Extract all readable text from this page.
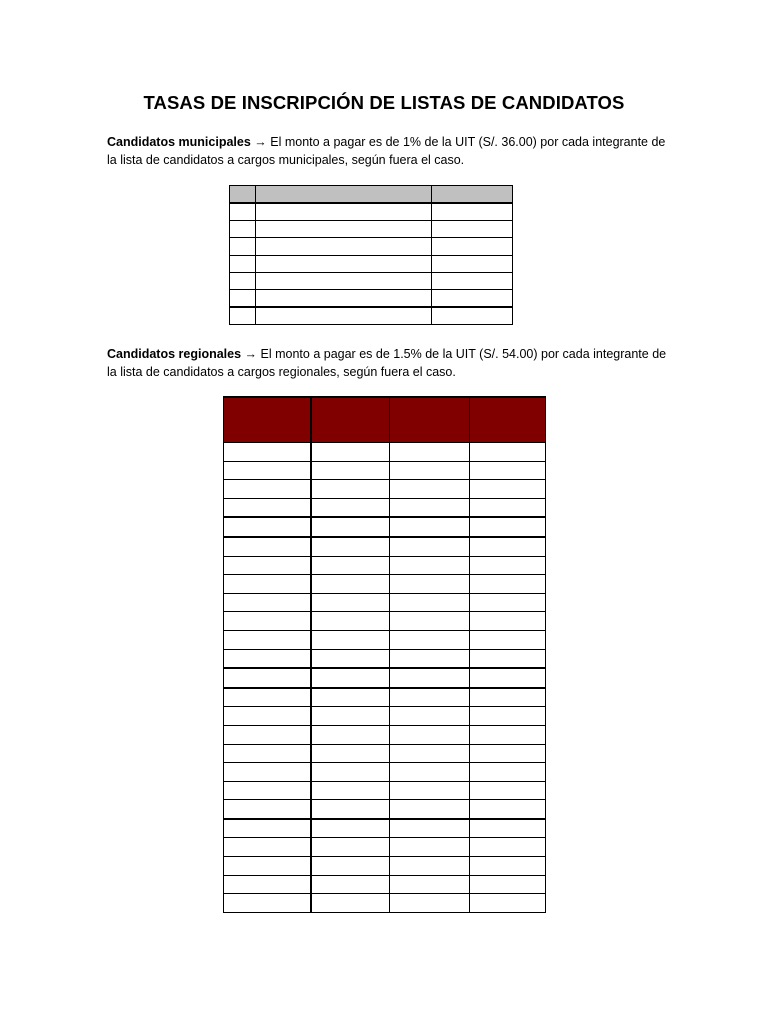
TASAS DE INSCRIPCIÓN DE LISTAS DE CANDIDATOS
Candidatos municipales → El monto a pagar es de 1% de la UIT (S/. 36.00) por cada integrante de la lista de candidatos a cargos municipales, según fuera el caso.

Candidatos regionales → El monto a pagar es de 1.5% de la UIT (S/. 54.00) por cada integrante de la lista de candidatos a cargos regionales, según fuera el caso.
